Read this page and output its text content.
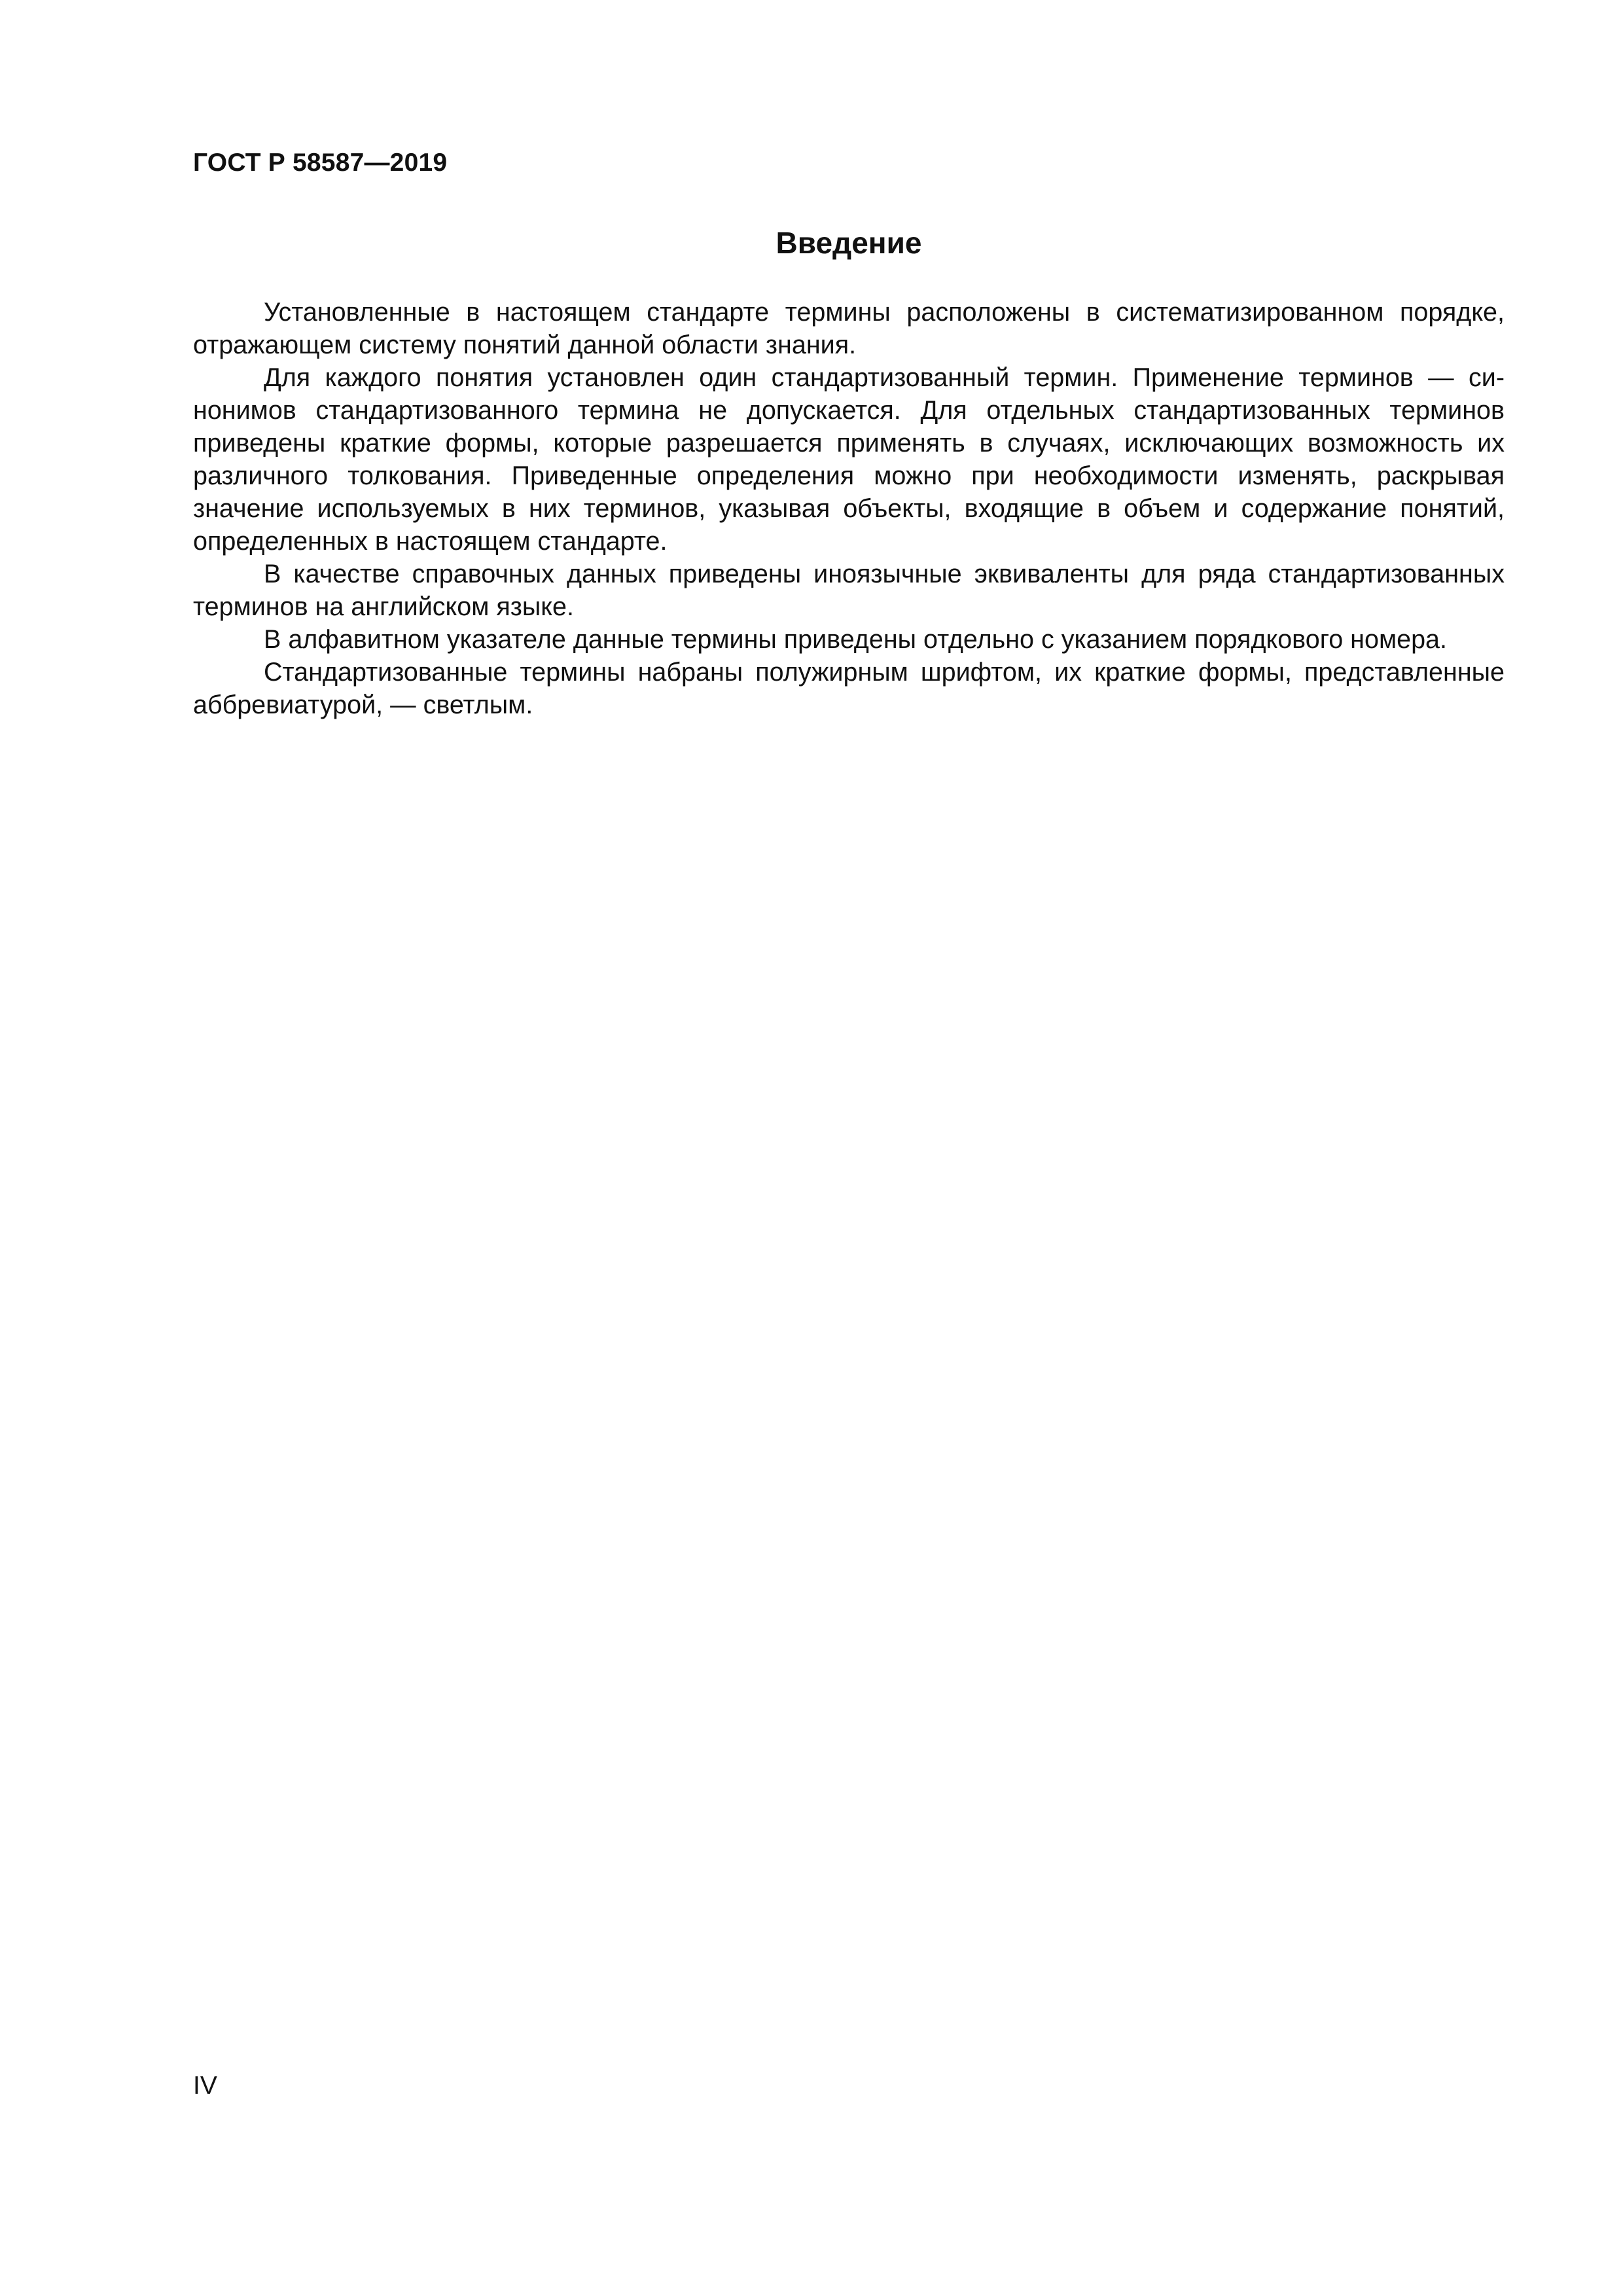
ГОСТ Р 58587—2019
Введение

Установленные в настоящем стандарте термины расположены в систематизированном порядке, отражающем систему понятий данной области знания.

Для каждого понятия установлен один стандартизованный термин. Применение терминов — синонимов стандартизованного термина не допускается. Для отдельных стандартизованных терминов приведены краткие формы, которые разрешается применять в случаях, исключающих возможность их различного толкования. Приведенные определения можно при необходимости изменять, раскрывая значение используемых в них терминов, указывая объекты, входящие в объем и содержание понятий, определенных в настоящем стандарте.

В качестве справочных данных приведены иноязычные эквиваленты для ряда стандартизованных терминов на английском языке.

В алфавитном указателе данные термины приведены отдельно с указанием порядкового номера.

Стандартизованные термины набраны полужирным шрифтом, их краткие формы, представленные аббревиатурой, — светлым.

IV
